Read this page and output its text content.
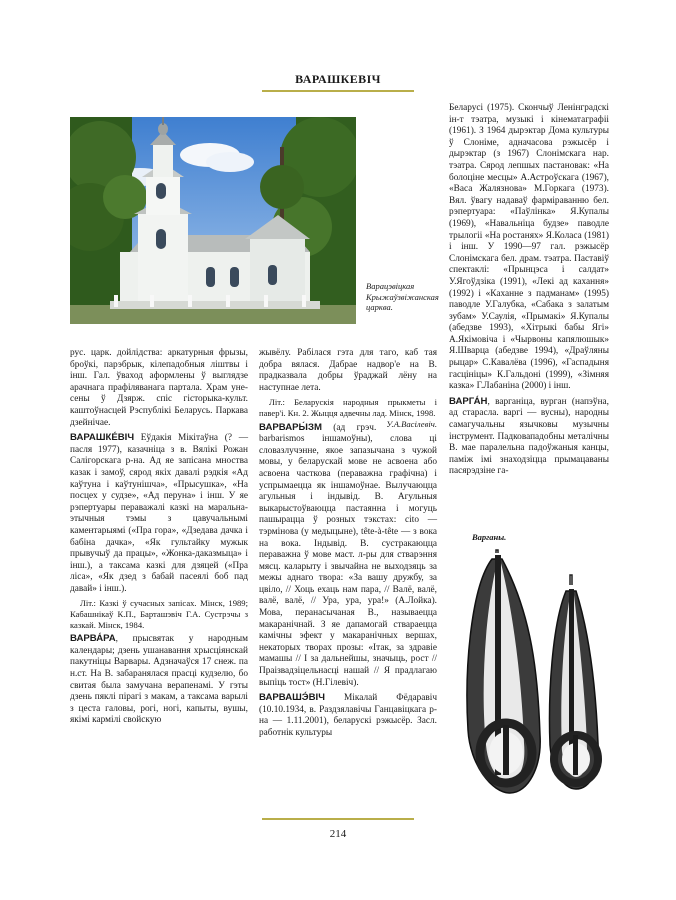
ВАРАШКЕВІЧ
Варацэвіцкая Крыжаўзвіжанская царква.

рус. царк. дойлідства: аркатурныя фрызы, броўкі, парэбрык, кілепадобныя ліштвы і інш. Гал. ўваход аформлены ў выглядзе арачнага прафіляванага партала. Храм унесены ў Дзярж. спіс гісторыка-культ. каштоўнасцей Рэспублікі Беларусь. Паркава дзейнічае.

ВАРАШКЕ́ВІЧ Еўдакія Мікітаўна (? — пасля 1977), казачніца з в. Вялікі Рожан Салігорскага р-на. Ад яе запісана мноства казак і замоў, сярод якіх давалі рэдкія «Ад каўтуна і каўтунішча», «Прысушка», «На посцех у судзе», «Ад перуна» і інш. У яе рэпертуары пераважалі казкі на маральна-этычныя тэмы з цавучальнымі каментарыямі («Пра гора», «Дзедава дачка і бабіна дачка», «Як гультайку мужык прывучыў да працы», «Жонка-даказмыца» і інш.), а таксама казкі для дзяцей («Пра ліса», «Як дзед з бабай пасеялі боб пад давай» і інш.).

Літ.: Казкі ў сучасных запісах. Мінск, 1989; Кабашнікаў К.П., Барташэвіч Г.А. Сустрэчы з казкай. Мінск, 1984.

ВАРВА́РА, прысвятак у народным календары; дзень ушанавання хрысціянскай пакутніцы Варвары. Адзначаўся 17 снеж. па н.ст. На В. забаранялася прасці кудзелю, бо свитая была замучана верапенамі. У гэты дзень пяклі пірагі з макам, а таксама варылі з цеста галовы, рогі, ногі, капыты, вушы, якімі кармілі свойскую

жывёлу. Рабілася гэта для таго, каб тая добра вялася. Дабрае надвор'е на В. прадказвала добры ўраджай лёну на наступнае лета.

Літ.: Беларускія народныя прыкметы і павер'і. Кн. 2. Жыцця адвечны лад. Мінск, 1998.
У.А.Васілевіч.

ВАРВАРЫ́ЗМ (ад грэч. barbarismos іншамоўны), слова ці словазлучэнне, якое запазычана з чужой мовы, у беларускай мове не асвоена або асвоена часткова (пераважна графічна) і успрымаецца як іншамоўнае. Вылучаюцца агульныя і індывід. В. Агульныя выкарыстоўваюцца пастаянна і могуць пашырацца ў розных тэкстах: сito — тэрмінова (у медыцыне), tête-à-tête — з вока на вока. Індывід. В. сустракаюцца пераважна ў мове маст. л-ры для стварэння мясц. каларыту і звычайна не выходзяць за межы аднаго твора: «За вашу дружбу, за цвіло, // Хоць ехаць нам пара, // Валё, валё, валё, валё, // Ура, ура, ура!» (А.Лойка). Мова, перанасычаная В., называецца макаранічнай. З яе дапамогай ствараецца камічны эфект у макаранічных вершах, некаторых творах прозы: «Ітак, за здравіе мамашы // І за дальнейшы, значыць, рост // Праізвадзіцельнасці нашай // Я прадлагаю выпіць тост» (Н.Гілевіч).

ВАРВАШЭ́ВІЧ Мікалай Фёдаравіч (10.10.1934, в. Раздзялавічы Ганцавіцкага р-на — 1.11.2001), беларускі рэжысёр. Засл. работнік культуры

Беларусі (1975). Скончыў Ленінградскі ін-т тэатра, музыкі і кінематаграфіі (1961). З 1964 дырэктар Дома культуры ў Слоніме, адначасова рэжысёр і дырэктар (з 1967) Слонімскага нар. тэатра. Сярод лепшых пастановак: «На болоціне месцы» А.Астроўскага (1967), «Васа Жалязнова» М.Горкага (1973). Вял. ўвагу надаваў фарміраванню бел. рэпертуара: «Паўлінка» Я.Купалы (1969), «Навальніца будзе» паводле трылогіі «На ростанях» Я.Коласа (1981) і інш. У 1990—97 гал. рэжысёр Слонімскага бел. драм. тэатра. Паставіў спектаклі: «Прынцэса і салдат» У.Ягоўдзіка (1991), «Лекі ад кахання» (1992) і «Каханне з падманам» (1995) паводле У.Галубка, «Сабака з залатым зубам» У.Саулія, «Прымакі» Я.Купалы (абедзве 1993), «Хітрыкі бабы Ягі» А.Якімовіча і «Чырвоны капялюшык» Я.Шварца (абедзве 1994), «Драўляны рыцар» С.Кавалёва (1996), «Гаспадыня гасцініцы» К.Гальдоні (1999), «Зімняя казка» Г.Лабаніна (2000) і інш.

ВАРГА́Н, варганіца, вурган (напэўна, ад старасла. варгі — вусны), народны самагучальны язычковы музычны інструмент. Падковападобны металічны В. мае паралельна падоўжаныя канцы, паміж імі знаходзіцца прымацаваны пасярэдзіне га-

Варганы.
214
